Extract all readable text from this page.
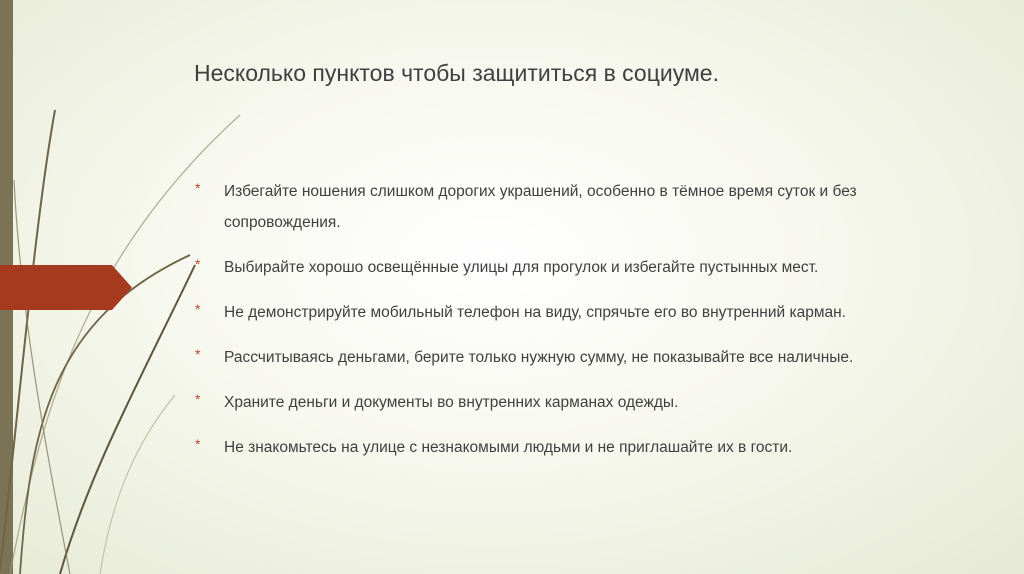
Несколько пунктов чтобы защититься в социуме.
* Избегайте ношения слишком дорогих украшений, особенно в тёмное время суток и без сопровождения.
* Выбирайте хорошо освещённые улицы для прогулок и избегайте пустынных мест.
* Не демонстрируйте мобильный телефон на виду, спрячьте его во внутренний карман.
* Рассчитываясь деньгами, берите только нужную сумму, не показывайте все наличные.
* Храните деньги и документы во внутренних карманах одежды.
* Не знакомьтесь на улице с незнакомыми людьми и не приглашайте их в гости.
